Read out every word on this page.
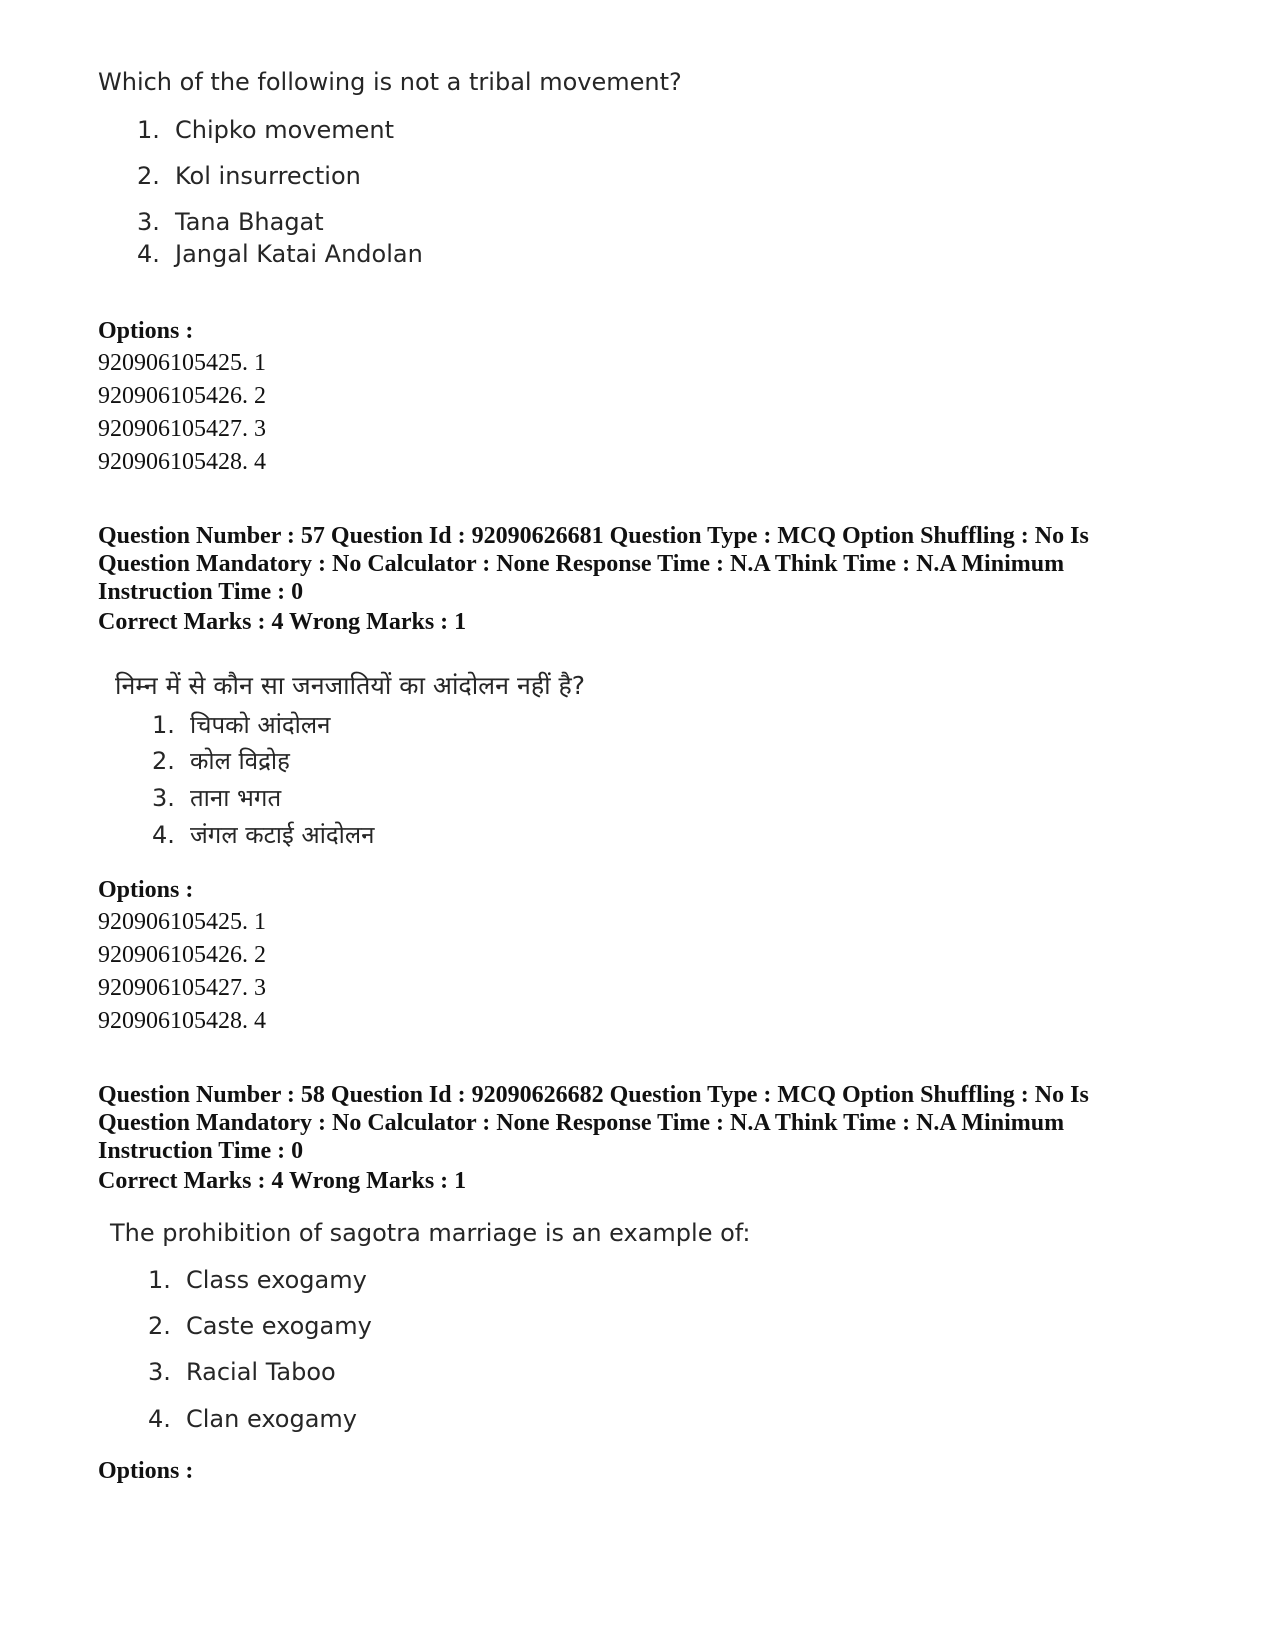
Which of the following is not a tribal movement?
1. Chipko movement
2. Kol insurrection
3. Tana Bhagat
4. Jangal Katai Andolan
Options :
920906105425. 1
920906105426. 2
920906105427. 3
920906105428. 4
Question Number : 57 Question Id : 92090626681 Question Type : MCQ Option Shuffling : No Is
Question Mandatory : No Calculator : None Response Time : N.A Think Time : N.A Minimum
Instruction Time : 0
Correct Marks : 4 Wrong Marks : 1
निम्न में से कौन सा जनजातियों का आंदोलन नहीं है?
1. चिपको आंदोलन
2. कोल विद्रोह
3. ताना भगत
4. जंगल कटाई आंदोलन
Options :
920906105425. 1
920906105426. 2
920906105427. 3
920906105428. 4
Question Number : 58 Question Id : 92090626682 Question Type : MCQ Option Shuffling : No Is
Question Mandatory : No Calculator : None Response Time : N.A Think Time : N.A Minimum
Instruction Time : 0
Correct Marks : 4 Wrong Marks : 1
The prohibition of sagotra marriage is an example of:
1. Class exogamy
2. Caste exogamy
3. Racial Taboo
4. Clan exogamy
Options :
